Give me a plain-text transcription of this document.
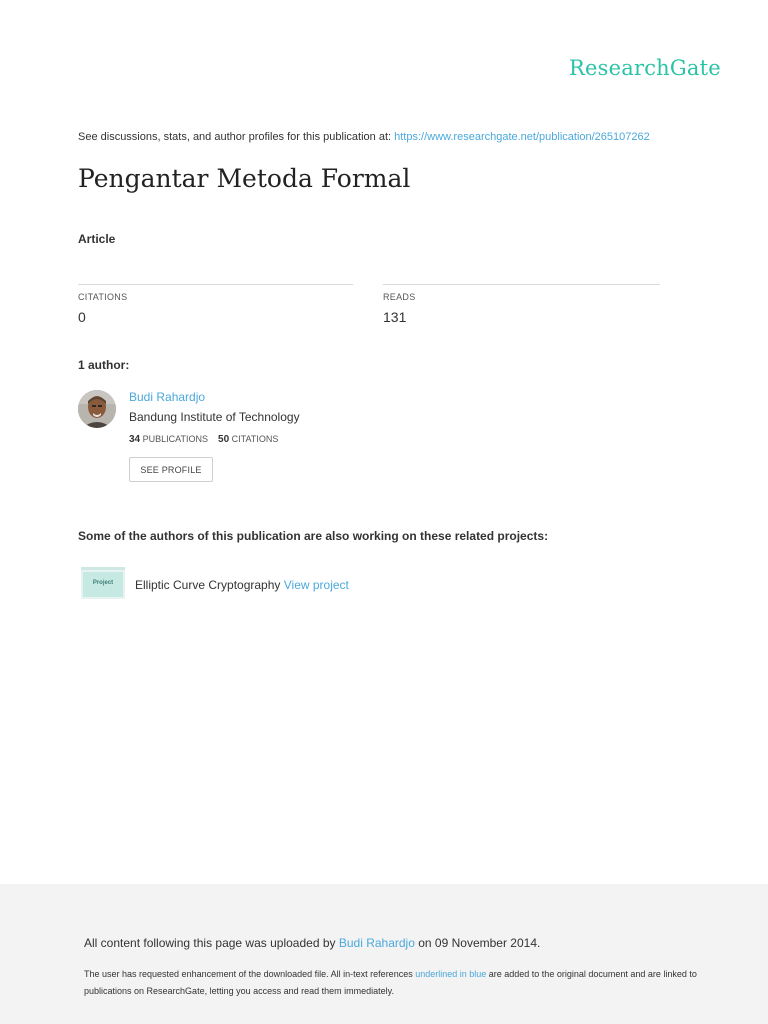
ResearchGate
See discussions, stats, and author profiles for this publication at: https://www.researchgate.net/publication/265107262
Pengantar Metoda Formal
Article
CITATIONS
0
READS
131
1 author:
Budi Rahardjo
Bandung Institute of Technology
34 PUBLICATIONS 50 CITATIONS
SEE PROFILE
Some of the authors of this publication are also working on these related projects:
Project	Elliptic Curve Cryptography View project
All content following this page was uploaded by Budi Rahardjo on 09 November 2014.
The user has requested enhancement of the downloaded file. All in-text references underlined in blue are added to the original document and are linked to publications on ResearchGate, letting you access and read them immediately.
